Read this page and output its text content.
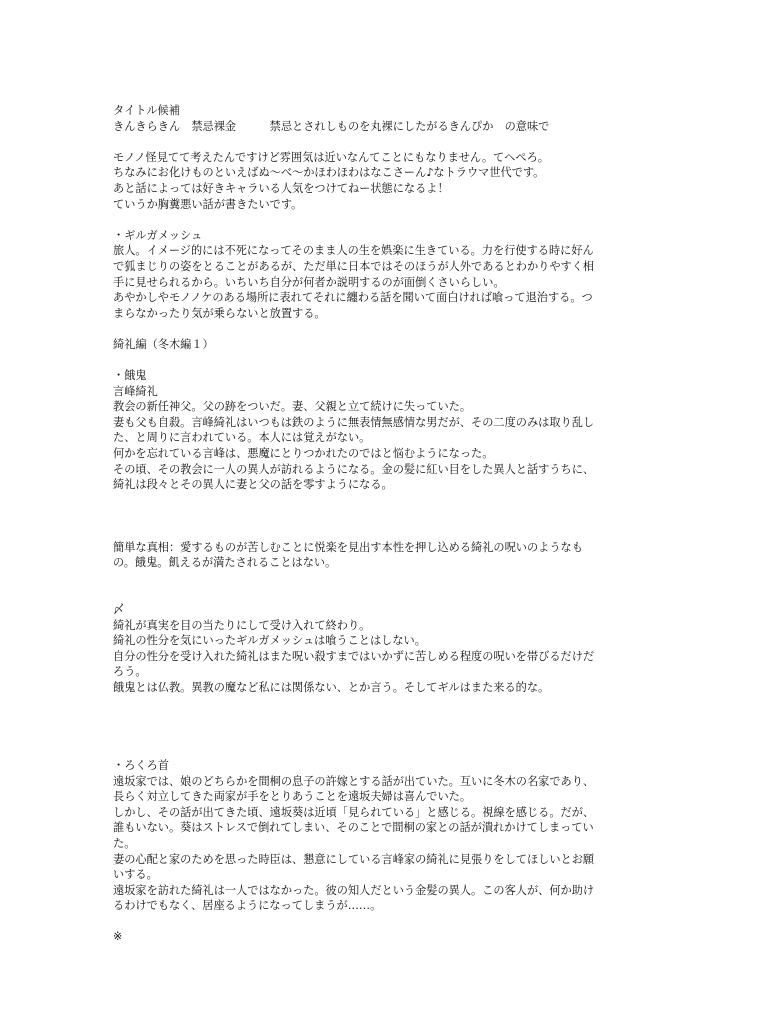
タイトル候補
きんきらきん　禁忌裸金　　　禁忌とされしものを丸裸にしたがるきんぴか　の意味で
モノノ怪見てて考えたんですけど雰囲気は近いなんてことにもなりません。てへぺろ。
ちなみにお化けものといえばぬ〜べ〜かほわほわはなこさーん♪なトラウマ世代です。
あと話によっては好きキャラいる人気をつけてねー状態になるよ！
ていうか胸糞悪い話が書きたいです。
・ギルガメッシュ
旅人。イメージ的には不死になってそのまま人の生を娯楽に生きている。力を行使する時に好ん
で狐まじりの姿をとることがあるが、ただ単に日本ではそのほうが人外であるとわかりやすく相
手に見せられるから。いちいち自分が何者か説明するのが面倒くさいらしい。
あやかしやモノノケのある場所に表れてそれに纏わる話を聞いて面白ければ喰って退治する。つ
まらなかったり気が乗らないと放置する。
綺礼編（冬木編１）
・餓鬼
言峰綺礼
教会の新任神父。父の跡をついだ。妻、父親と立て続けに失っていた。
妻も父も自殺。言峰綺礼はいつもは鉄のように無表情無感情な男だが、その二度のみは取り乱し
た、と周りに言われている。本人には覚えがない。
何かを忘れている言峰は、悪魔にとりつかれたのではと悩むようになった。
その頃、その教会に一人の異人が訪れるようになる。金の髪に紅い目をした異人と話すうちに、
綺礼は段々とその異人に妻と父の話を零すようになる。
簡単な真相：愛するものが苦しむことに悦楽を見出す本性を押し込める綺礼の呪いのようなも
の。餓鬼。飢えるが満たされることはない。
〆
綺礼が真実を目の当たりにして受け入れて終わり。
綺礼の性分を気にいったギルガメッシュは喰うことはしない。
自分の性分を受け入れた綺礼はまた呪い殺すまではいかずに苦しめる程度の呪いを帯びるだけだ
ろう。
餓鬼とは仏教。異教の魔など私には関係ない、とか言う。そしてギルはまた来る的な。
・ろくろ首
遠坂家では、娘のどちらかを間桐の息子の許嫁とする話が出ていた。互いに冬木の名家であり、
長らく対立してきた両家が手をとりあうことを遠坂夫婦は喜んでいた。
しかし、その話が出てきた頃、遠坂葵は近頃「見られている」と感じる。視線を感じる。だが、
誰もいない。葵はストレスで倒れてしまい、そのことで間桐の家との話が潰れかけてしまってい
た。
妻の心配と家のためを思った時臣は、懇意にしている言峰家の綺礼に見張りをしてほしいとお願
いする。
遠坂家を訪れた綺礼は一人ではなかった。彼の知人だという金髪の異人。この客人が、何か助け
るわけでもなく、居座るようになってしまうが……。
※
